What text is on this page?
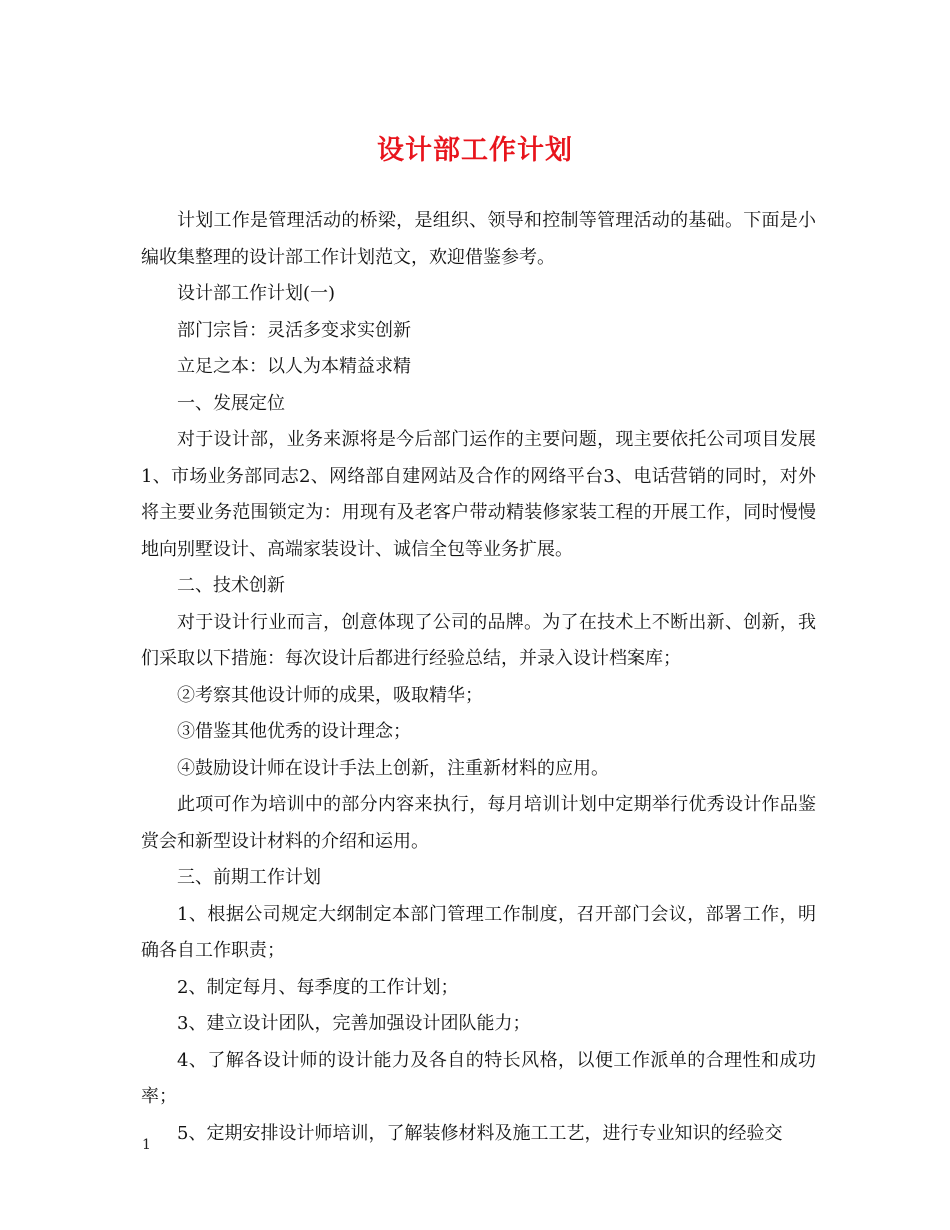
设计部工作计划

计划工作是管理活动的桥梁，是组织、领导和控制等管理活动的基础。下面是小编收集整理的设计部工作计划范文，欢迎借鉴参考。

设计部工作计划(一)

部门宗旨：灵活多变求实创新

立足之本：以人为本精益求精

一、发展定位

对于设计部，业务来源将是今后部门运作的主要问题，现主要依托公司项目发展1、市场业务部同志2、网络部自建网站及合作的网络平台3、电话营销的同时，对外将主要业务范围锁定为：用现有及老客户带动精装修家装工程的开展工作，同时慢慢地向别墅设计、高端家装设计、诚信全包等业务扩展。

二、技术创新

对于设计行业而言，创意体现了公司的品牌。为了在技术上不断出新、创新，我们采取以下措施：每次设计后都进行经验总结，并录入设计档案库；

②考察其他设计师的成果，吸取精华；

③借鉴其他优秀的设计理念；

④鼓励设计师在设计手法上创新，注重新材料的应用。

此项可作为培训中的部分内容来执行，每月培训计划中定期举行优秀设计作品鉴赏会和新型设计材料的介绍和运用。

三、前期工作计划

1、根据公司规定大纲制定本部门管理工作制度，召开部门会议，部署工作，明确各自工作职责；

2、制定每月、每季度的工作计划；

3、建立设计团队，完善加强设计团队能力；

4、了解各设计师的设计能力及各自的特长风格，以便工作派单的合理性和成功率；

5、定期安排设计师培训，了解装修材料及施工工艺，进行专业知识的经验交

1
